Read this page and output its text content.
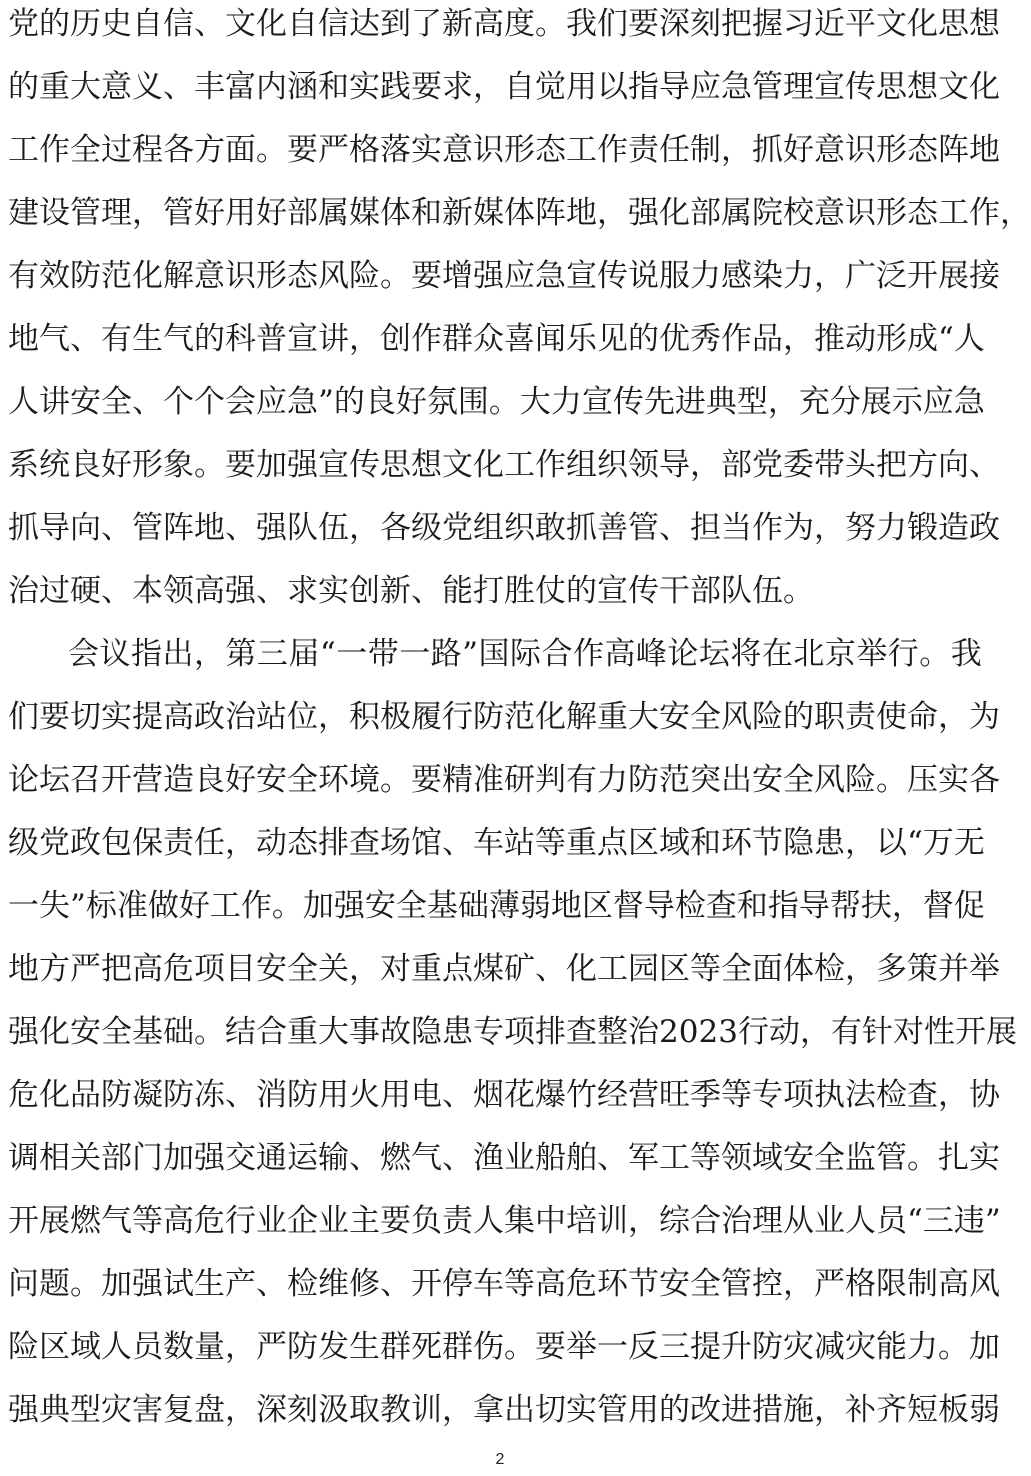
党 的 历 史 自 信 、 文 化 自 信 达 到 了 新 高 度 。 我 们 要 深 刻 把 握 习 近 平 文 化 思 想
的 重 大 意 义 、 丰 富 内 涵 和 实 践 要 求 ， 自 觉 用 以 指 导 应 急 管 理 宣 传 思 想 文 化
工 作 全 过 程 各 方 面 。 要 严 格 落 实 意 识 形 态 工 作 责 任 制 ， 抓 好 意 识 形 态 阵 地
建 设 管 理 ， 管 好 用 好 部 属 媒 体 和 新 媒 体 阵 地 ， 强 化 部 属 院 校 意 识 形 态 工 作 ，
有 效 防 范 化 解 意 识 形 态 风 险 。 要 增 强 应 急 宣 传 说 服 力 感 染 力 ， 广 泛 开 展 接
地 气 、 有 生 气 的 科 普 宣 讲 ， 创 作 群 众 喜 闻 乐 见 的 优 秀 作 品 ， 推 动 形 成 “ 人
人 讲 安 全 、 个 个 会 应 急 ” 的 良 好 氛 围 。 大 力 宣 传 先 进 典 型 ， 充 分 展 示 应 急
系 统 良 好 形 象 。 要 加 强 宣 传 思 想 文 化 工 作 组 织 领 导 ， 部 党 委 带 头 把 方 向 、
抓 导 向 、 管 阵 地 、 强 队 伍 ， 各 级 党 组 织 敢 抓 善 管 、 担 当 作 为 ， 努 力 锻 造 政
治过硬、本领高强、求实创新、能打胜仗的宣传干部队伍。
会 议 指 出 ， 第 三 届 “ 一 带 一 路 ” 国 际 合 作 高 峰 论 坛 将 在 北 京 举 行 。 我
们 要 切 实 提 高 政 治 站 位 ， 积 极 履 行 防 范 化 解 重 大 安 全 风 险 的 职 责 使 命 ， 为
论 坛 召 开 营 造 良 好 安 全 环 境 。 要 精 准 研 判 有 力 防 范 突 出 安 全 风 险 。 压 实 各
级 党 政 包 保 责 任 ， 动 态 排 查 场 馆 、 车 站 等 重 点 区 域 和 环 节 隐 患 ， 以 “ 万 无
一 失 ” 标 准 做 好 工 作 。 加 强 安 全 基 础 薄 弱 地 区 督 导 检 查 和 指 导 帮 扶 ， 督 促
地 方 严 把 高 危 项 目 安 全 关 ， 对 重 点 煤 矿 、 化 工 园 区 等 全 面 体 检 ， 多 策 并 举
强 化 安 全 基 础 。 结 合 重 大 事 故 隐 患 专 项 排 查 整 治 2 0 2 3 行 动 ， 有 针 对 性 开 展
危 化 品 防 凝 防 冻 、 消 防 用 火 用 电 、 烟 花 爆 竹 经 营 旺 季 等 专 项 执 法 检 查 ， 协
调 相 关 部 门 加 强 交 通 运 输 、 燃 气 、 渔 业 船 舶 、 军 工 等 领 域 安 全 监 管 。 扎 实
开 展 燃 气 等 高 危 行 业 企 业 主 要 负 责 人 集 中 培 训 ， 综 合 治 理 从 业 人 员 “ 三 违 ”
问 题 。 加 强 试 生 产 、 检 维 修 、 开 停 车 等 高 危 环 节 安 全 管 控 ， 严 格 限 制 高 风
险 区 域 人 员 数 量 ， 严 防 发 生 群 死 群 伤 。 要 举 一 反 三 提 升 防 灾 减 灾 能 力 。 加
强 典 型 灾 害 复 盘 ， 深 刻 汲 取 教 训 ， 拿 出 切 实 管 用 的 改 进 措 施 ， 补 齐 短 板 弱
2
